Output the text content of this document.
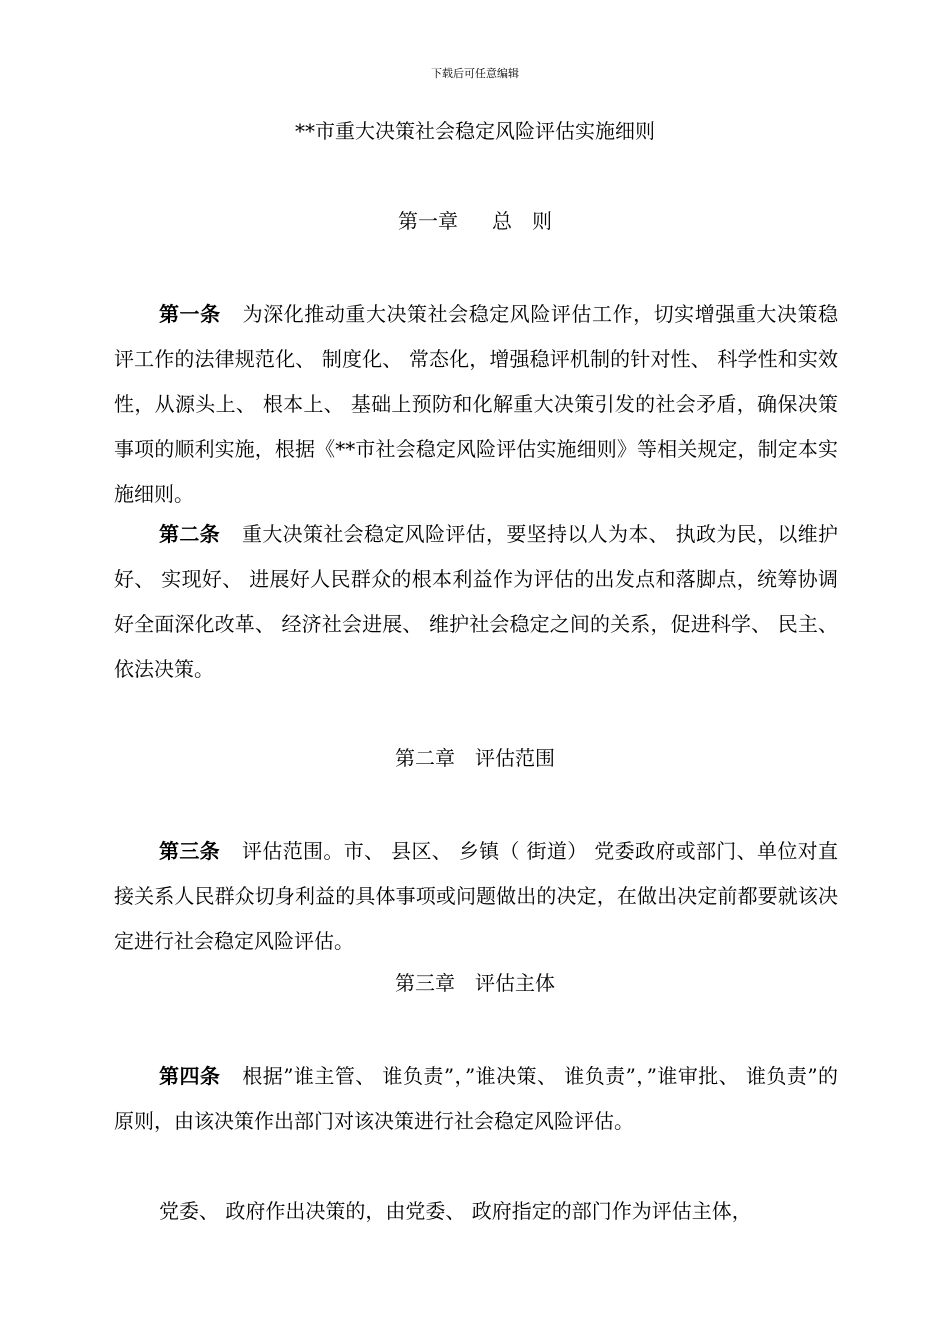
下载后可任意编辑
**市重大决策社会稳定风险评估实施细则
第一章 总 则

第一条 为深化推动重大决策社会稳定风险评估工作，切实增强重大决策稳评工作的法律规范化、 制度化、 常态化，增强稳评机制的针对性、 科学性和实效性，从源头上、 根本上、 基础上预防和化解重大决策引发的社会矛盾，确保决策事项的顺利实施，根据《**市社会稳定风险评估实施细则》等相关规定，制定本实施细则。

第二条 重大决策社会稳定风险评估，要坚持以人为本、 执政为民，以维护好、 实现好、 进展好人民群众的根本利益作为评估的出发点和落脚点，统筹协调好全面深化改革、 经济社会进展、 维护社会稳定之间的关系，促进科学、 民主、 依法决策。

第二章 评估范围

第三条 评估范围。市、 县区、 乡镇（ 街道） 党委政府或部门、单位对直接关系人民群众切身利益的具体事项或问题做出的决定，在做出决定前都要就该决定进行社会稳定风险评估。

第三章 评估主体

第四条 根据”谁主管、 谁负责”，”谁决策、 谁负责”，”谁审批、 谁负责”的原则，由该决策作出部门对该决策进行社会稳定风险评估。

党委、 政府作出决策的，由党委、 政府指定的部门作为评估主体，
